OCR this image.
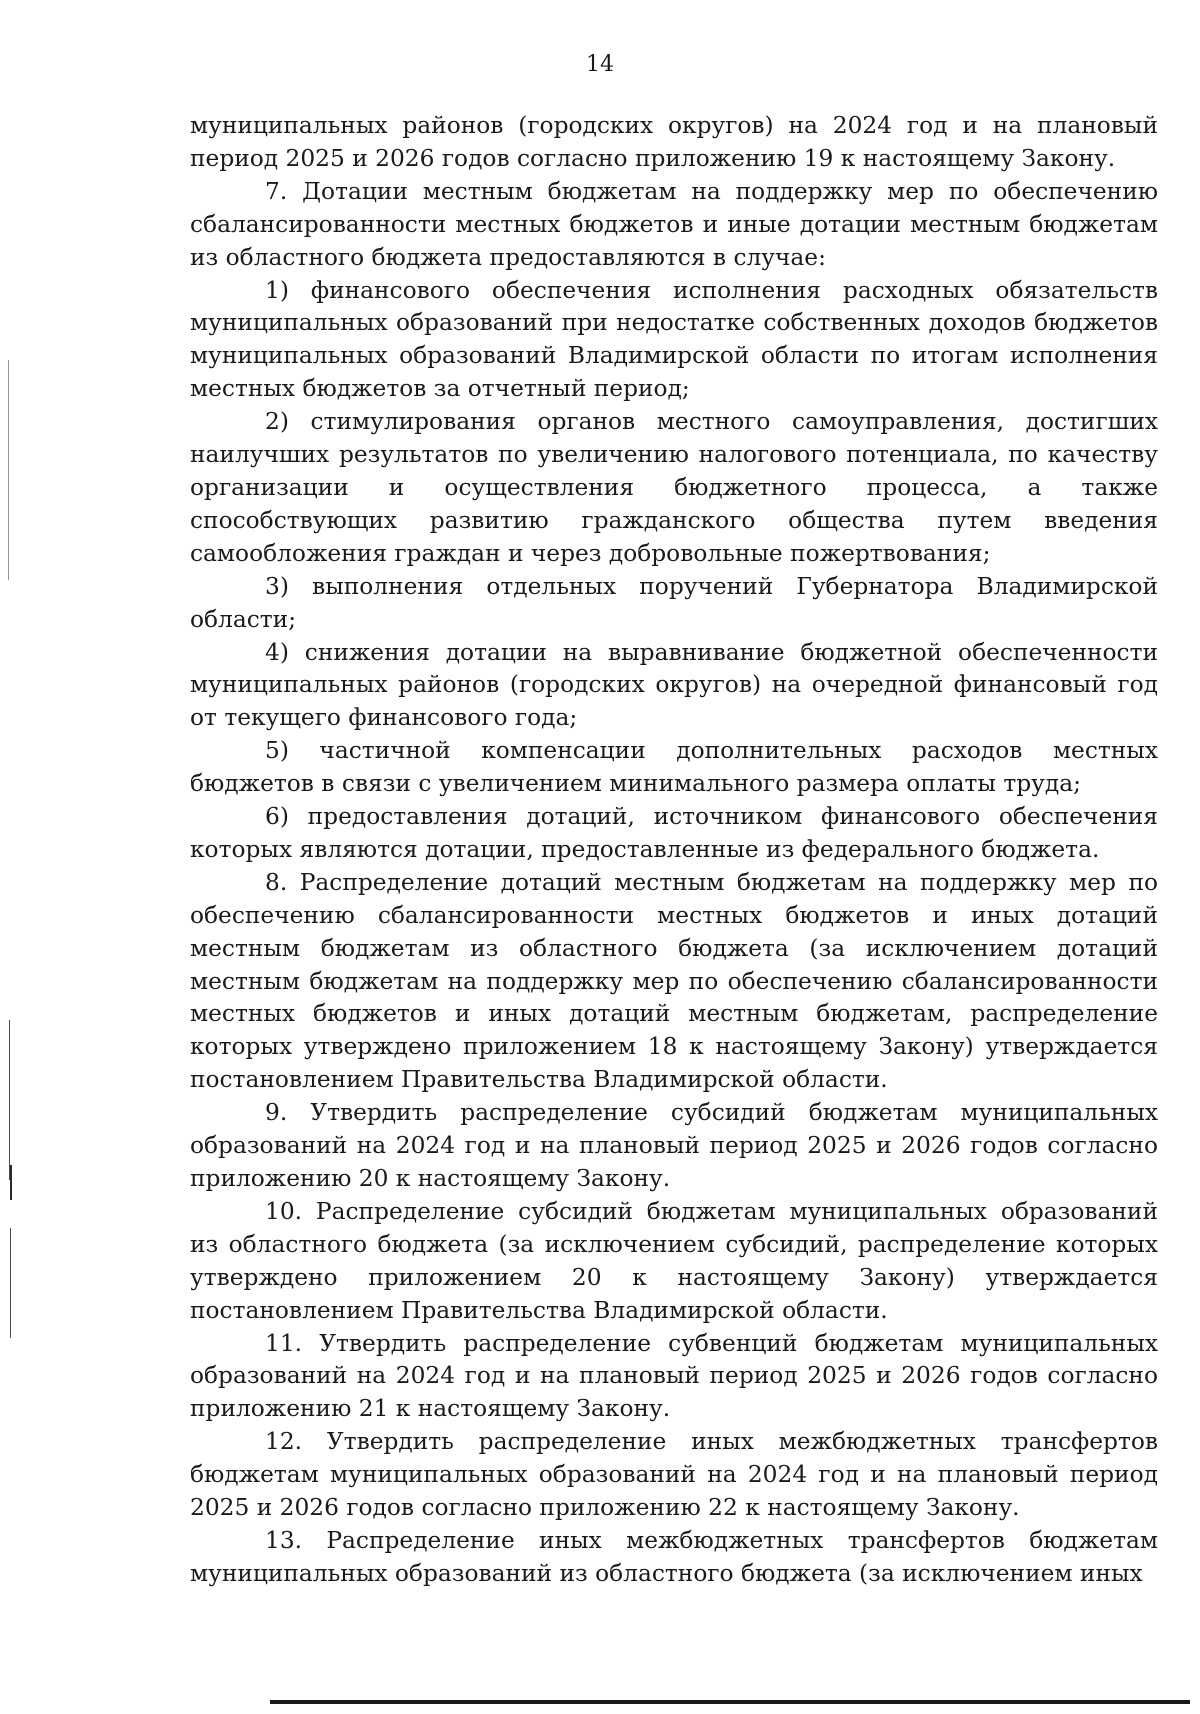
14

муниципальных районов (городских округов) на 2024 год и на плановый период 2025 и 2026 годов согласно приложению 19 к настоящему Закону.

7. Дотации местным бюджетам на поддержку мер по обеспечению сбалансированности местных бюджетов и иные дотации местным бюджетам из областного бюджета предоставляются в случае:

1) финансового обеспечения исполнения расходных обязательств муниципальных образований при недостатке собственных доходов бюджетов муниципальных образований Владимирской области по итогам исполнения местных бюджетов за отчетный период;

2) стимулирования органов местного самоуправления, достигших наилучших результатов по увеличению налогового потенциала, по качеству организации и осуществления бюджетного процесса, а также способствующих развитию гражданского общества путем введения самообложения граждан и через добровольные пожертвования;

3) выполнения отдельных поручений Губернатора Владимирской области;

4) снижения дотации на выравнивание бюджетной обеспеченности муниципальных районов (городских округов) на очередной финансовый год от текущего финансового года;

5) частичной компенсации дополнительных расходов местных бюджетов в связи с увеличением минимального размера оплаты труда;

6) предоставления дотаций, источником финансового обеспечения которых являются дотации, предоставленные из федерального бюджета.

8. Распределение дотаций местным бюджетам на поддержку мер по обеспечению сбалансированности местных бюджетов и иных дотаций местным бюджетам из областного бюджета (за исключением дотаций местным бюджетам на поддержку мер по обеспечению сбалансированности местных бюджетов и иных дотаций местным бюджетам, распределение которых утверждено приложением 18 к настоящему Закону) утверждается постановлением Правительства Владимирской области.

9. Утвердить распределение субсидий бюджетам муниципальных образований на 2024 год и на плановый период 2025 и 2026 годов согласно приложению 20 к настоящему Закону.

10. Распределение субсидий бюджетам муниципальных образований из областного бюджета (за исключением субсидий, распределение которых утверждено приложением 20 к настоящему Закону) утверждается постановлением Правительства Владимирской области.

11. Утвердить распределение субвенций бюджетам муниципальных образований на 2024 год и на плановый период 2025 и 2026 годов согласно приложению 21 к настоящему Закону.

12. Утвердить распределение иных межбюджетных трансфертов бюджетам муниципальных образований на 2024 год и на плановый период 2025 и 2026 годов согласно приложению 22 к настоящему Закону.

13. Распределение иных межбюджетных трансфертов бюджетам муниципальных образований из областного бюджета (за исключением иных
